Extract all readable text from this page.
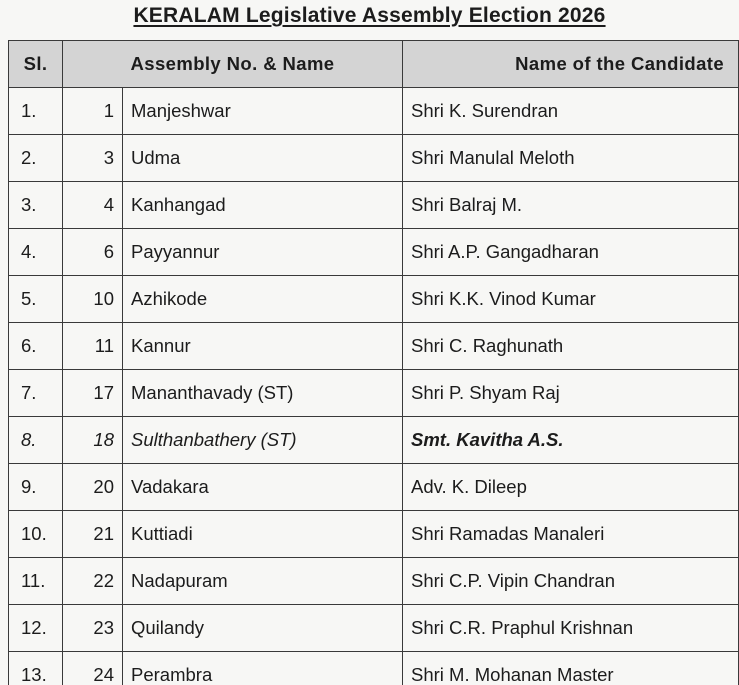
KERALAM Legislative Assembly Election 2026
Sl.	Assembly No. & Name		Name of the Candidate
1.	1	Manjeshwar	Shri K. Surendran
2.	3	Udma	Shri Manulal Meloth
3.	4	Kanhangad	Shri Balraj M.
4.	6	Payyannur	Shri A.P. Gangadharan
5.	10	Azhikode	Shri K.K. Vinod Kumar
6.	11	Kannur	Shri C. Raghunath
7.	17	Mananthavady (ST)	Shri P. Shyam Raj
8.	18	Sulthanbathery (ST)	Smt. Kavitha A.S.
9.	20	Vadakara	Adv. K. Dileep
10.	21	Kuttiadi	Shri Ramadas Manaleri
11.	22	Nadapuram	Shri C.P. Vipin Chandran
12.	23	Quilandy	Shri C.R. Praphul Krishnan
13.	24	Perambra	Shri M. Mohanan Master
